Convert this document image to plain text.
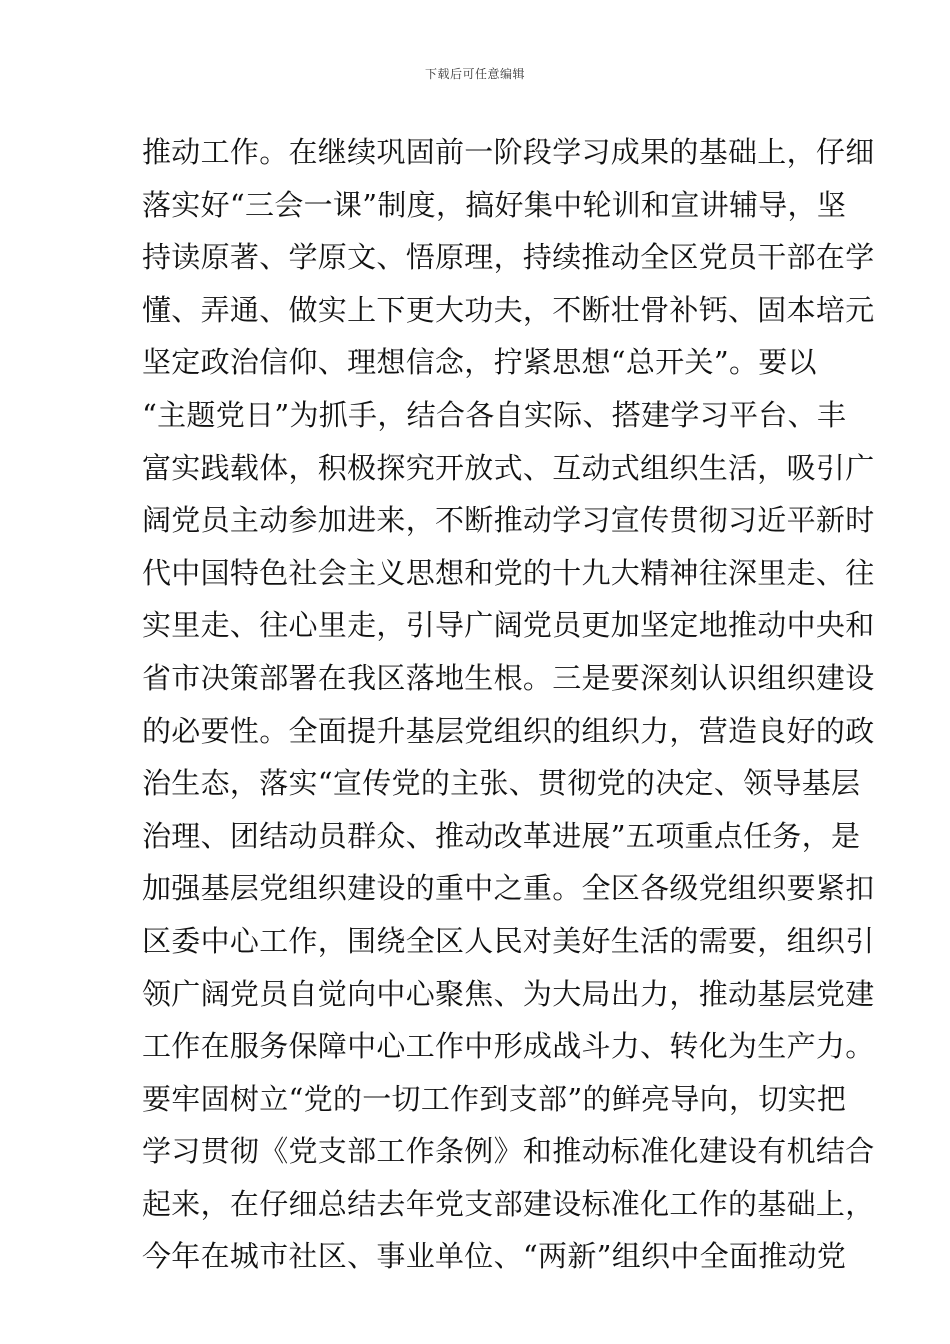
下载后可任意编辑
推动工作。在继续巩固前一阶段学习成果的基础上，仔细
落实好“三会一课”制度，搞好集中轮训和宣讲辅导，坚
持读原著、学原文、悟原理，持续推动全区党员干部在学
懂、弄通、做实上下更大功夫，不断壮骨补钙、固本培元
坚定政治信仰、理想信念，拧紧思想“总开关”。要以
“主题党日”为抓手，结合各自实际、搭建学习平台、丰
富实践载体，积极探究开放式、互动式组织生活，吸引广
阔党员主动参加进来，不断推动学习宣传贯彻习近平新时
代中国特色社会主义思想和党的十九大精神往深里走、往
实里走、往心里走，引导广阔党员更加坚定地推动中央和
省市决策部署在我区落地生根。三是要深刻认识组织建设
的必要性。全面提升基层党组织的组织力，营造良好的政
治生态，落实“宣传党的主张、贯彻党的决定、领导基层
治理、团结动员群众、推动改革进展”五项重点任务，是
加强基层党组织建设的重中之重。全区各级党组织要紧扣
区委中心工作，围绕全区人民对美好生活的需要，组织引
领广阔党员自觉向中心聚焦、为大局出力，推动基层党建
工作在服务保障中心工作中形成战斗力、转化为生产力。
要牢固树立“党的一切工作到支部”的鲜亮导向，切实把
学习贯彻《党支部工作条例》和推动标准化建设有机结合
起来，在仔细总结去年党支部建设标准化工作的基础上，
今年在城市社区、事业单位、“两新”组织中全面推动党
